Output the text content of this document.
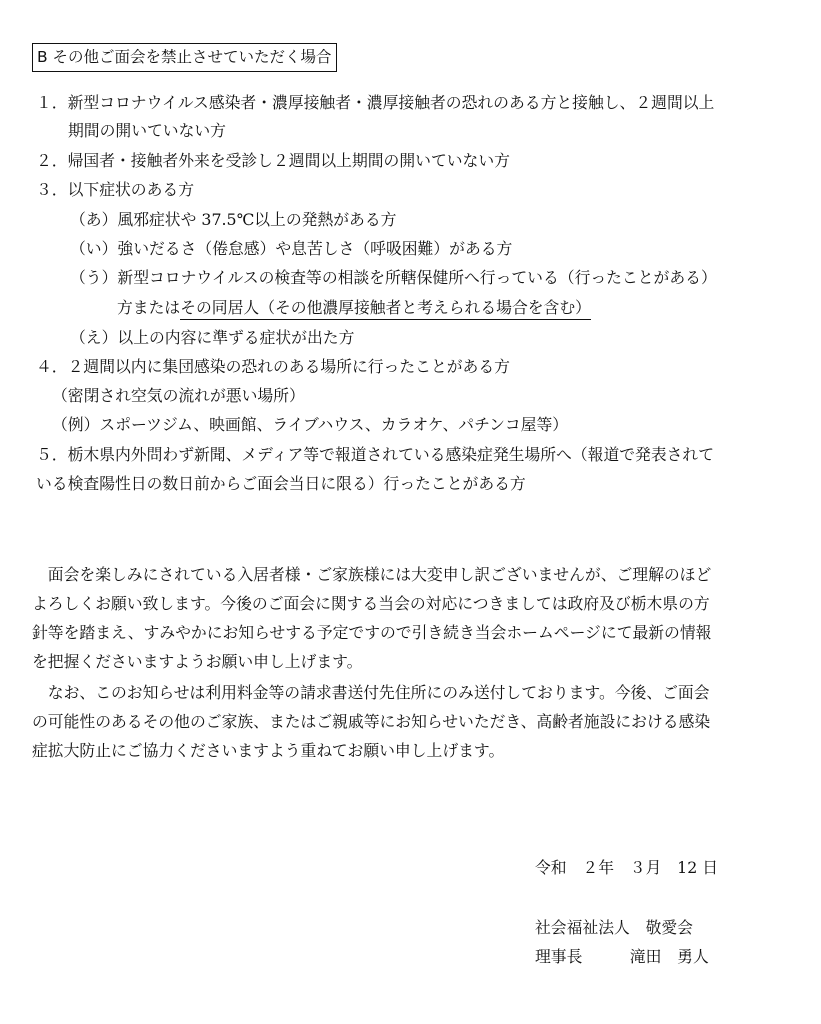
B その他ご面会を禁止させていただく場合
１．新型コロナウイルス感染者・濃厚接触者・濃厚接触者の恐れのある方と接触し、２週間以上
期間の開いていない方
２．帰国者・接触者外来を受診し２週間以上期間の開いていない方
３．以下症状のある方
（あ）風邪症状や 37.5℃以上の発熱がある方
（い）強いだるさ（倦怠感）や息苦しさ（呼吸困難）がある方
（う）新型コロナウイルスの検査等の相談を所轄保健所へ行っている（行ったことがある）
方またはその同居人（その他濃厚接触者と考えられる場合を含む）
（え）以上の内容に準ずる症状が出た方
４．２週間以内に集団感染の恐れのある場所に行ったことがある方
（密閉され空気の流れが悪い場所）
（例）スポーツジム、映画館、ライブハウス、カラオケ、パチンコ屋等）
５．栃木県内外問わず新聞、メディア等で報道されている感染症発生場所へ（報道で発表されて
いる検査陽性日の数日前からご面会当日に限る）行ったことがある方
　面会を楽しみにされている入居者様・ご家族様には大変申し訳ございませんが、ご理解のほど
よろしくお願い致します。今後のご面会に関する当会の対応につきましては政府及び栃木県の方
針等を踏まえ、すみやかにお知らせする予定ですので引き続き当会ホームページにて最新の情報
を把握くださいますようお願い申し上げます。
　なお、このお知らせは利用料金等の請求書送付先住所にのみ送付しております。今後、ご面会
の可能性のあるその他のご家族、またはご親戚等にお知らせいただき、高齢者施設における感染
症拡大防止にご協力くださいますよう重ねてお願い申し上げます。
令和　２年　３月　12 日
社会福祉法人　敬愛会
理事長　　　滝田　勇人
